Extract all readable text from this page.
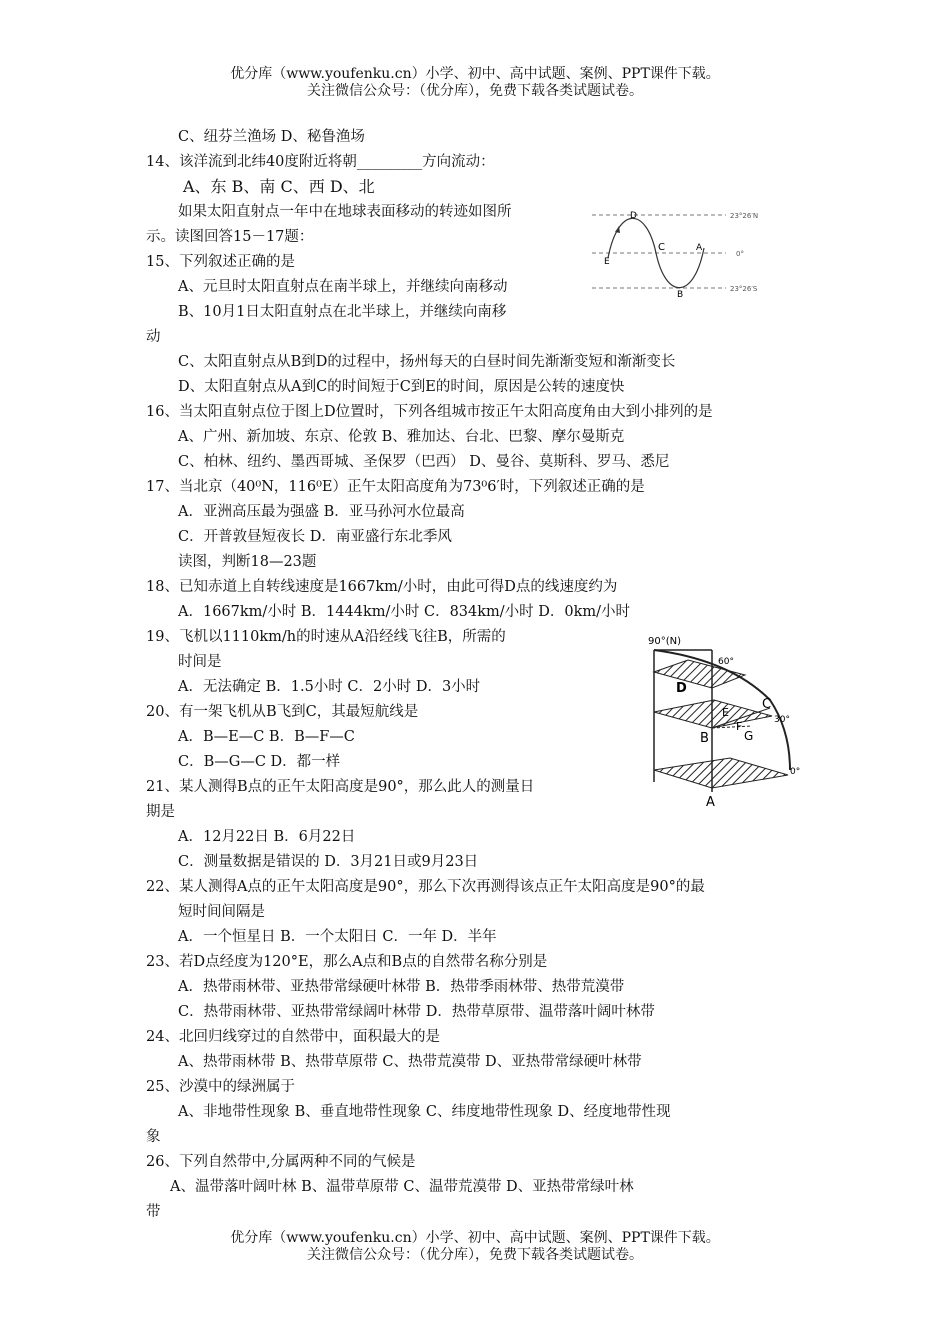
优分库（www.youfenku.cn）小学、初中、高中试题、案例、PPT课件下载。
关注微信公众号：（优分库），免费下载各类试题试卷。
C、纽芬兰渔场 D、秘鲁渔场
14、该洋流到北纬40度附近将朝_________方向流动：
A、东 B、南 C、西 D、北
如果太阳直射点一年中在地球表面移动的转迹如图所
示。读图回答15－17题：
15、下列叙述正确的是
A、元旦时太阳直射点在南半球上，并继续向南移动
B、10月1日太阳直射点在北半球上，并继续向南移
动
C、太阳直射点从B到D的过程中，扬州每天的白昼时间先渐渐变短和渐渐变长
D、太阳直射点从A到C的时间短于C到E的时间，原因是公转的速度快
16、当太阳直射点位于图上D位置时，下列各组城市按正午太阳高度角由大到小排列的是
A、广州、新加坡、东京、伦敦 B、雅加达、台北、巴黎、摩尔曼斯克
C、柏林、纽约、墨西哥城、圣保罗（巴西） D、曼谷、莫斯科、罗马、悉尼
17、当北京（40⁰N，116⁰E）正午太阳高度角为73⁰6′时，下列叙述正确的是
A．亚洲高压最为强盛 B．亚马孙河水位最高
C．开普敦昼短夜长 D．南亚盛行东北季风
读图，判断18—23题
18、已知赤道上自转线速度是1667km/小时，由此可得D点的线速度约为
A．1667km/小时 B．1444km/小时 C．834km/小时 D．0km/小时
19、飞机以1110km/h的时速从A沿经线飞往B，所需的
时间是
A．无法确定 B．1.5小时 C．2小时 D．3小时
20、有一架飞机从B飞到C，其最短航线是
A．B—E—C B．B—F—C
C．B—G—C D．都一样
21、某人测得B点的正午太阳高度是90°，那么此人的测量日
期是
A．12月22日 B．6月22日
C．测量数据是错误的 D．3月21日或9月23日
22、某人测得A点的正午太阳高度是90°，那么下次再测得该点正午太阳高度是90°的最
短时间间隔是
A．一个恒星日 B．一个太阳日 C．一年 D．半年
23、若D点经度为120°E，那么A点和B点的自然带名称分别是
A．热带雨林带、亚热带常绿硬叶林带 B．热带季雨林带、热带荒漠带
C．热带雨林带、亚热带常绿阔叶林带 D．热带草原带、温带落叶阔叶林带
24、北回归线穿过的自然带中，面积最大的是
A、热带雨林带 B、热带草原带 C、热带荒漠带 D、亚热带常绿硬叶林带
25、沙漠中的绿洲属于
A、非地带性现象 B、垂直地带性现象 C、纬度地带性现象 D、经度地带性现
象
26、下列自然带中,分属两种不同的气候是
A、温带落叶阔叶林 B、温带草原带 C、温带荒漠带 D、亚热带常绿叶林
带
D
C	A
E
B
23°26′N
0°
23°26′S
90°(N)
60°
D
E
F
C
30°
B	G
0°
A
优分库（www.youfenku.cn）小学、初中、高中试题、案例、PPT课件下载。
关注微信公众号：（优分库），免费下载各类试题试卷。
